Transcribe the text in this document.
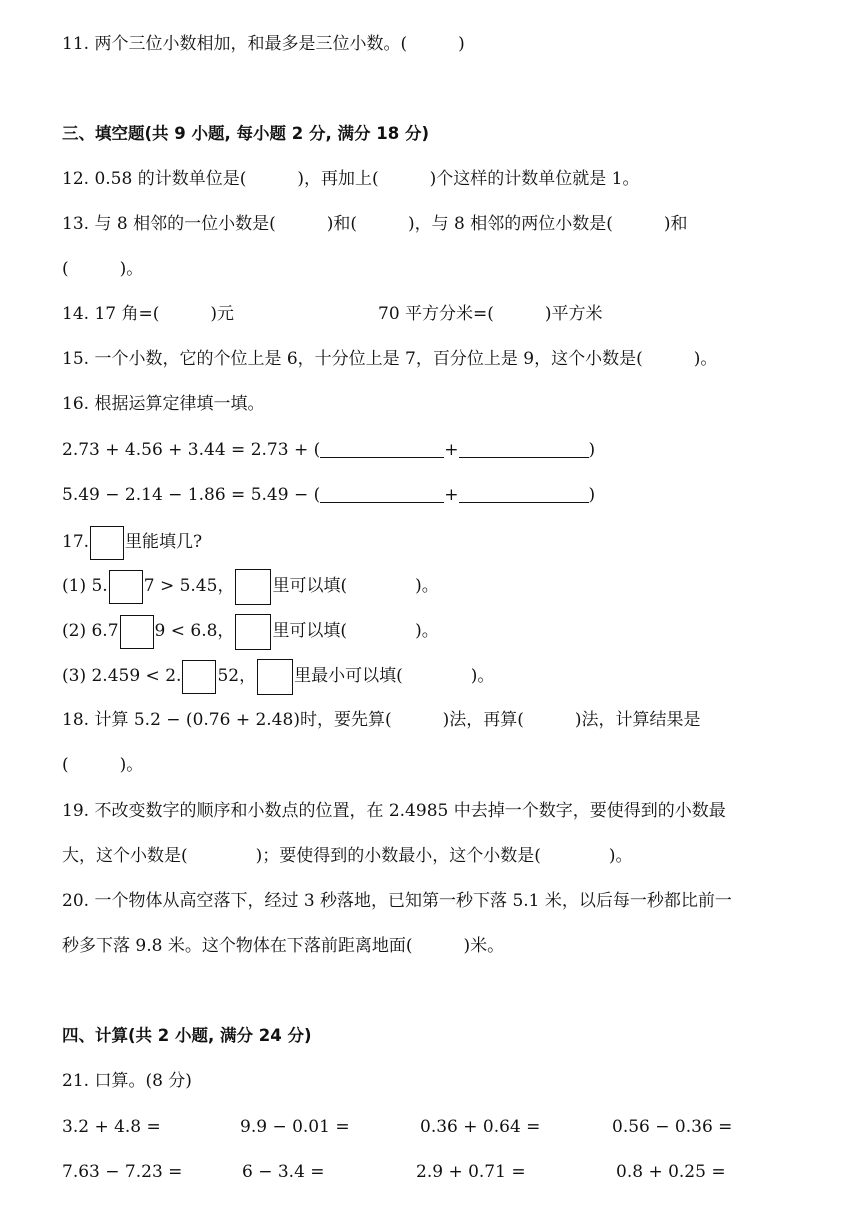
11. 两个三位小数相加，和最多是三位小数。(　　　)
三、填空题(共 9 小题, 每小题 2 分, 满分 18 分)
12. 0.58 的计数单位是(　　　)，再加上(　　　)个这样的计数单位就是 1。
13. 与 8 相邻的一位小数是(　　　)和(　　　)，与 8 相邻的两位小数是(　　　)和
(　　　)。
14. 17 角=(　　　)元	70 平方分米=(　　　)平方米
15. 一个小数，它的个位上是 6，十分位上是 7，百分位上是 9，这个小数是(　　　)。
16. 根据运算定律填一填。
2.73 + 4.56 + 3.44 = 2.73 + (	+	)
5.49 − 2.14 − 1.86 = 5.49 − (	+	)
17. 里能填几?
(1) 5. 7 > 5.45， 里可以填(　　　　)。
(2) 6.7 9 < 6.8， 里可以填(　　　　)。
(3) 2.459 < 2. 52， 里最小可以填(　　　　)。
18. 计算 5.2 − (0.76 + 2.48)时，要先算(　　　)法，再算(　　　)法，计算结果是
(　　　)。
19. 不改变数字的顺序和小数点的位置，在 2.4985 中去掉一个数字，要使得到的小数最
大，这个小数是(　　　　)；要使得到的小数最小，这个小数是(　　　　)。
20. 一个物体从高空落下，经过 3 秒落地，已知第一秒下落 5.1 米，以后每一秒都比前一
秒多下落 9.8 米。这个物体在下落前距离地面(　　　)米。
四、计算(共 2 小题, 满分 24 分)
21. 口算。(8 分)
3.2 + 4.8 =	9.9 − 0.01 =	0.36 + 0.64 =	0.56 − 0.36 =
7.63 − 7.23 =	6 − 3.4 =	2.9 + 0.71 =	0.8 + 0.25 =
